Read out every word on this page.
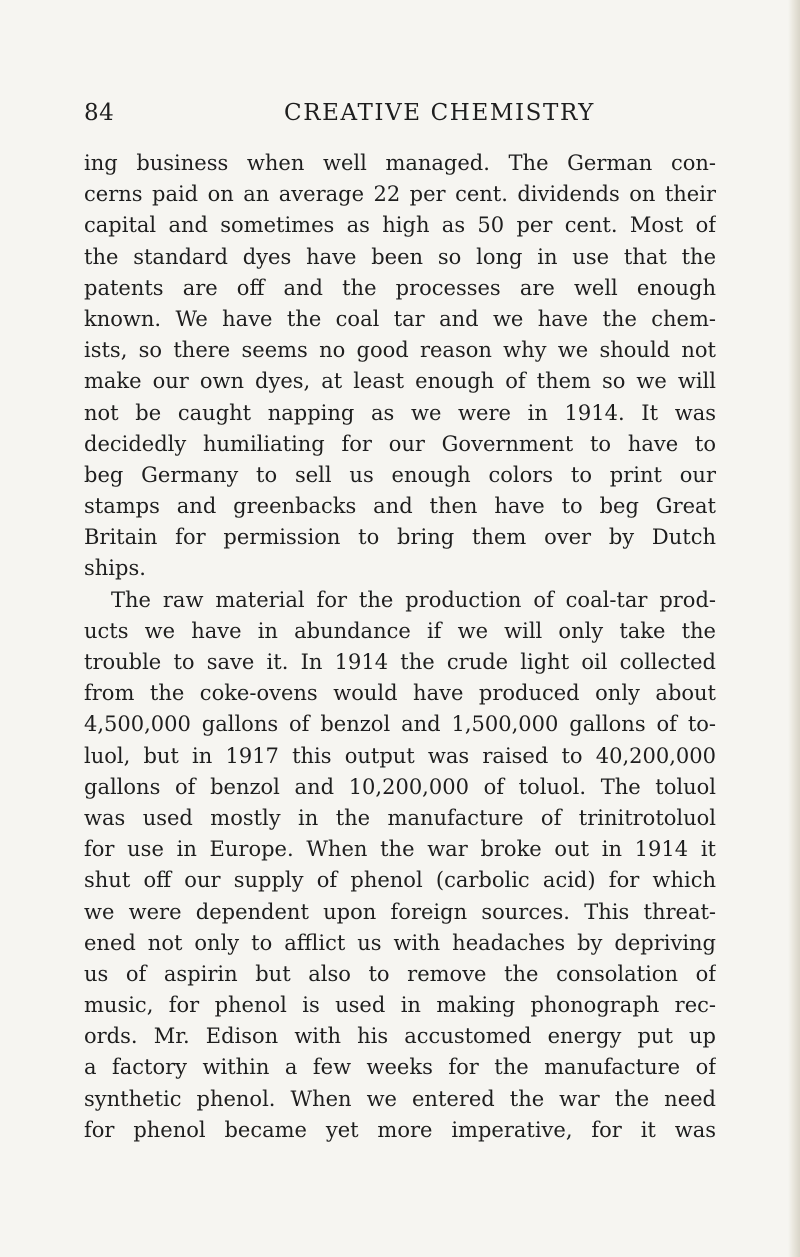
84	CREATIVE CHEMISTRY
ing business when well managed. The German con-
cerns paid on an average 22 per cent. dividends on their
capital and sometimes as high as 50 per cent. Most of
the standard dyes have been so long in use that the
patents are off and the processes are well enough
known. We have the coal tar and we have the chem-
ists, so there seems no good reason why we should not
make our own dyes, at least enough of them so we will
not be caught napping as we were in 1914. It was
decidedly humiliating for our Government to have to
beg Germany to sell us enough colors to print our
stamps and greenbacks and then have to beg Great
Britain for permission to bring them over by Dutch
ships.
The raw material for the production of coal-tar prod-
ucts we have in abundance if we will only take the
trouble to save it. In 1914 the crude light oil collected
from the coke-ovens would have produced only about
4,500,000 gallons of benzol and 1,500,000 gallons of to-
luol, but in 1917 this output was raised to 40,200,000
gallons of benzol and 10,200,000 of toluol. The toluol
was used mostly in the manufacture of trinitrotoluol
for use in Europe. When the war broke out in 1914 it
shut off our supply of phenol (carbolic acid) for which
we were dependent upon foreign sources. This threat-
ened not only to afflict us with headaches by depriving
us of aspirin but also to remove the consolation of
music, for phenol is used in making phonograph rec-
ords. Mr. Edison with his accustomed energy put up
a factory within a few weeks for the manufacture of
synthetic phenol. When we entered the war the need
for phenol became yet more imperative, for it was
